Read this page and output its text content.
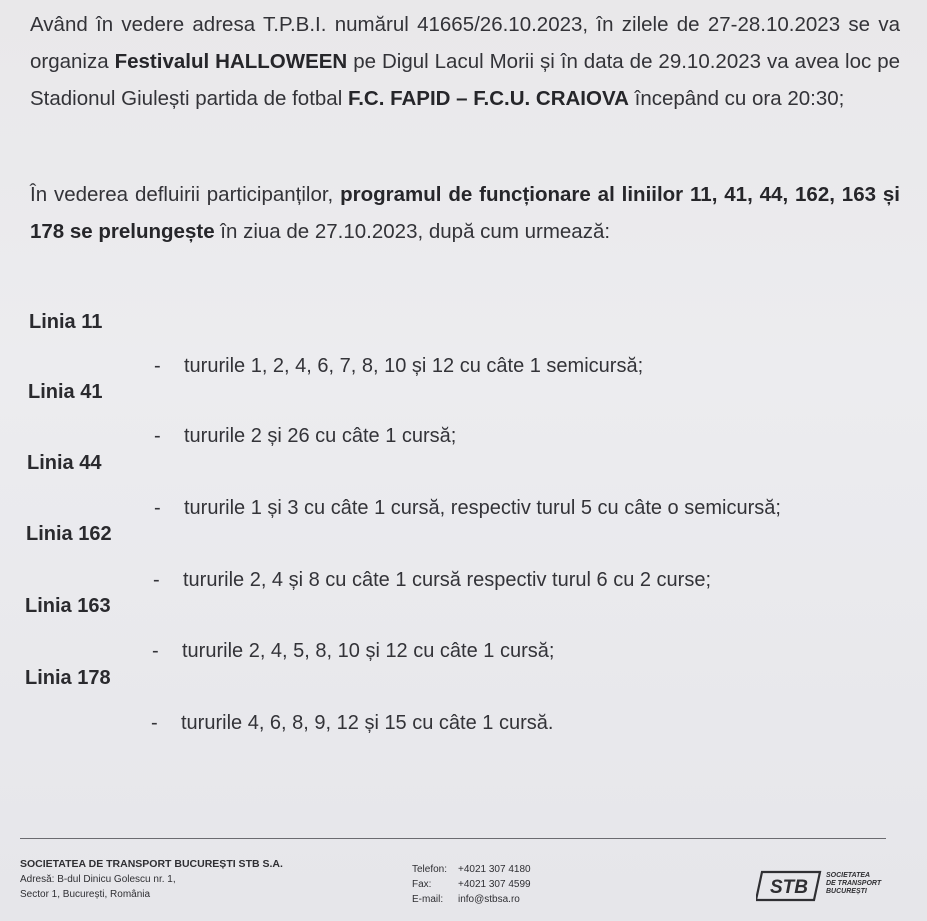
Având în vedere adresa T.P.B.I. numărul 41665/26.10.2023, în zilele de 27-28.10.2023 se va organiza Festivalul HALLOWEEN pe Digul Lacul Morii și în data de 29.10.2023 va avea loc pe Stadionul Giulești partida de fotbal F.C. FAPID – F.C.U. CRAIOVA începând cu ora 20:30;
În vederea defluirii participanților, programul de funcționare al liniilor 11, 41, 44, 162, 163 și 178 se prelungește în ziua de 27.10.2023, după cum urmează:
Linia 11
- tururile 1, 2, 4, 6, 7, 8, 10 și 12 cu câte 1 semicursă;
Linia 41
- tururile 2 și 26 cu câte 1 cursă;
Linia 44
- tururile 1 și 3 cu câte 1 cursă, respectiv turul 5 cu câte o semicursă;
Linia 162
- tururile 2, 4 și 8 cu câte 1 cursă respectiv turul 6 cu 2 curse;
Linia 163
- tururile 2, 4, 5, 8, 10 și 12 cu câte 1 cursă;
Linia 178
- tururile 4, 6, 8, 9, 12 și 15 cu câte 1 cursă.
SOCIETATEA DE TRANSPORT BUCUREȘTI STB S.A.
Adresă: B-dul Dinicu Golescu nr. 1,
Sector 1, București, România
Telefon: +4021 307 4180
Fax:	+4021 307 4599
E-mail: info@stbsa.ro
STB
SOCIETATEA
DE TRANSPORT
BUCUREȘTI
